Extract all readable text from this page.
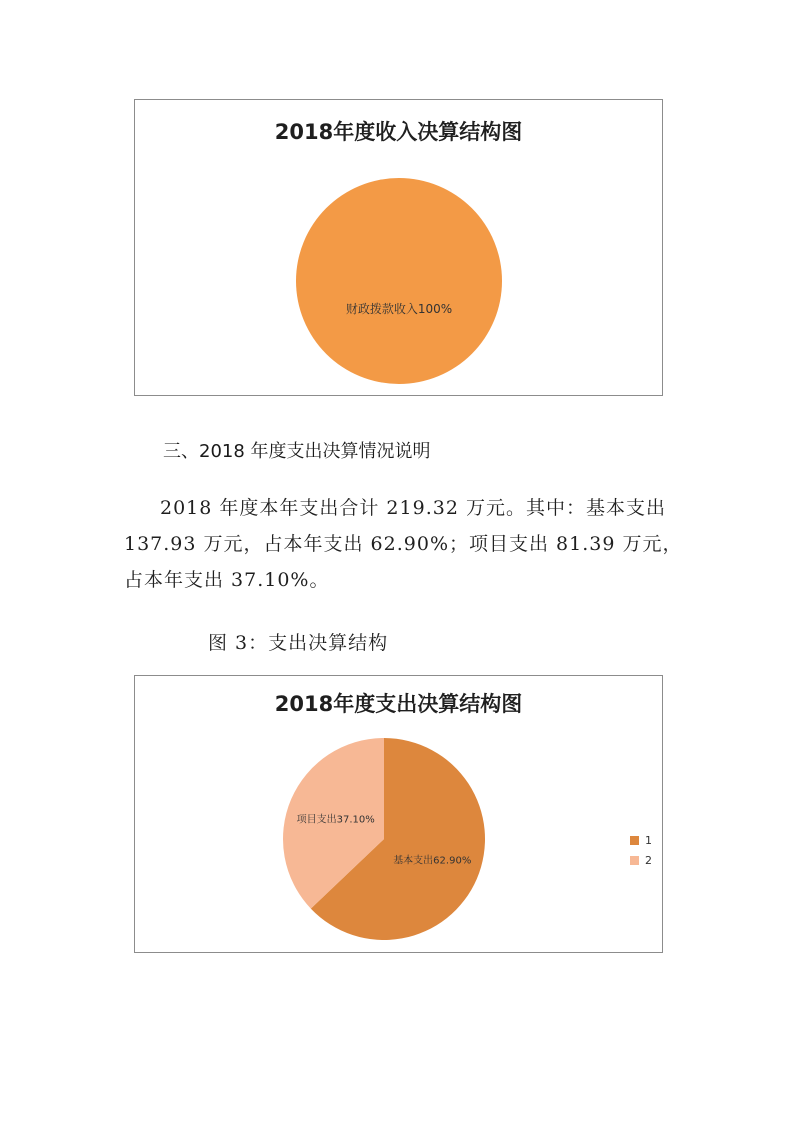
2018年度收入决算结构图
财政拨款收入100%
三、2018 年度支出决算情况说明
2018 年度本年支出合计 219.32 万元。其中：基本支出 137.93 万元，占本年支出 62.90%；项目支出 81.39 万元，占本年支出 37.10%。
图 3：支出决算结构
2018年度支出决算结构图
基本支出62.90%
项目支出37.10%
1
2
